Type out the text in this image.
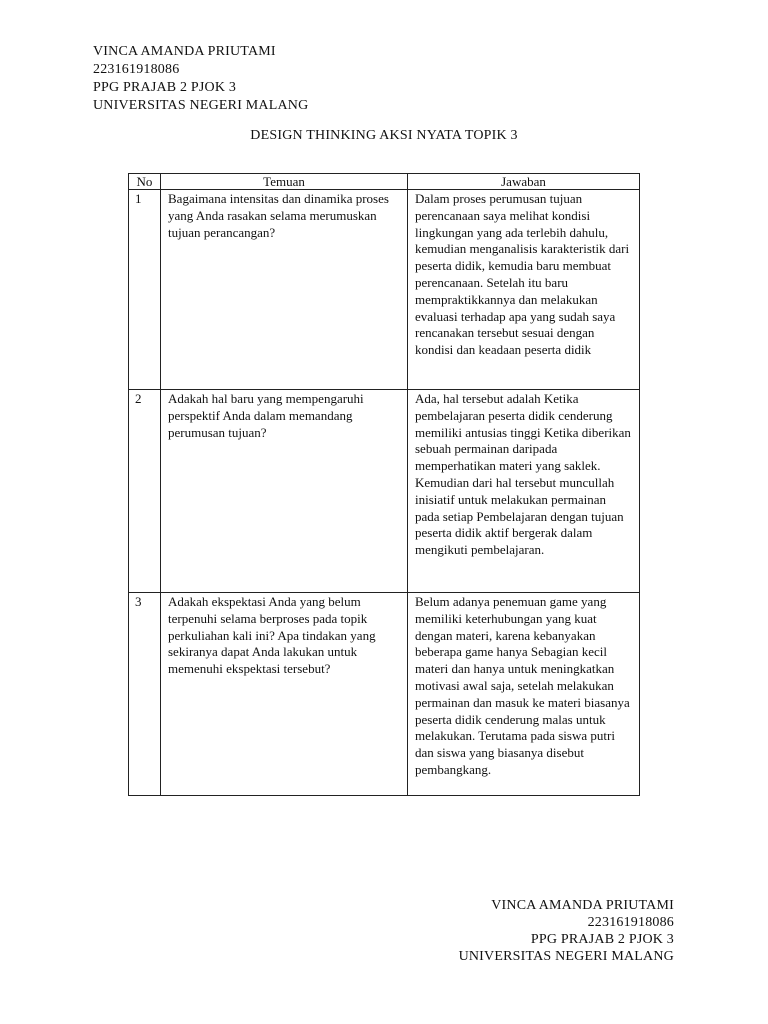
VINCA AMANDA PRIUTAMI
223161918086
PPG PRAJAB 2 PJOK 3
UNIVERSITAS NEGERI MALANG
DESIGN THINKING AKSI NYATA TOPIK 3
No	Temuan	Jawaban
1	Bagaimana intensitas dan dinamika proses yang Anda rasakan selama merumuskan tujuan perancangan?	Dalam proses perumusan tujuan perencanaan saya melihat kondisi lingkungan yang ada terlebih dahulu, kemudian menganalisis karakteristik dari peserta didik, kemudia baru membuat perencanaan. Setelah itu baru mempraktikkannya dan melakukan evaluasi terhadap apa yang sudah saya rencanakan tersebut sesuai dengan kondisi dan keadaan peserta didik
2	Adakah hal baru yang mempengaruhi perspektif Anda dalam memandang perumusan tujuan?	Ada, hal tersebut adalah Ketika pembelajaran peserta didik cenderung memiliki antusias tinggi Ketika diberikan sebuah permainan daripada memperhatikan materi yang saklek. Kemudian dari hal tersebut muncullah inisiatif untuk melakukan permainan pada setiap Pembelajaran dengan tujuan peserta didik aktif bergerak dalam mengikuti pembelajaran.
3	Adakah ekspektasi Anda yang belum terpenuhi selama berproses pada topik perkuliahan kali ini? Apa tindakan yang sekiranya dapat Anda lakukan untuk memenuhi ekspektasi tersebut?	Belum adanya penemuan game yang memiliki keterhubungan yang kuat dengan materi, karena kebanyakan beberapa game hanya Sebagian kecil materi dan hanya untuk meningkatkan motivasi awal saja, setelah melakukan permainan dan masuk ke materi biasanya peserta didik cenderung malas untuk melakukan. Terutama pada siswa putri dan siswa yang biasanya disebut pembangkang.
VINCA AMANDA PRIUTAMI
223161918086
PPG PRAJAB 2 PJOK 3
UNIVERSITAS NEGERI MALANG
